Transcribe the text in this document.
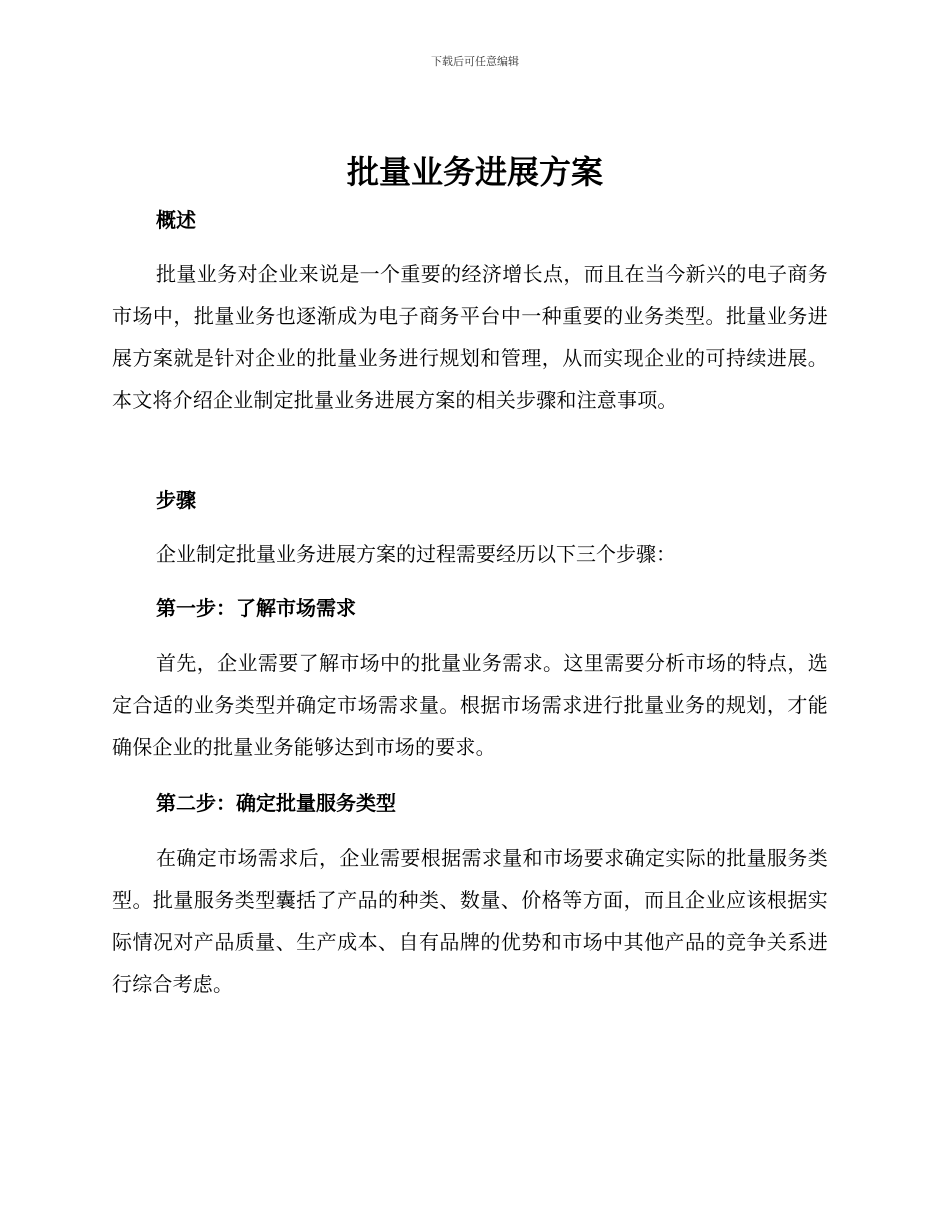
下载后可任意编辑
批量业务进展方案
概述

批量业务对企业来说是一个重要的经济增长点，而且在当今新兴的电子商务市场中，批量业务也逐渐成为电子商务平台中一种重要的业务类型。批量业务进展方案就是针对企业的批量业务进行规划和管理，从而实现企业的可持续进展。本文将介绍企业制定批量业务进展方案的相关步骤和注意事项。

步骤

企业制定批量业务进展方案的过程需要经历以下三个步骤：

第一步：了解市场需求

首先，企业需要了解市场中的批量业务需求。这里需要分析市场的特点，选定合适的业务类型并确定市场需求量。根据市场需求进行批量业务的规划，才能确保企业的批量业务能够达到市场的要求。

第二步：确定批量服务类型

在确定市场需求后，企业需要根据需求量和市场要求确定实际的批量服务类型。批量服务类型囊括了产品的种类、数量、价格等方面，而且企业应该根据实际情况对产品质量、生产成本、自有品牌的优势和市场中其他产品的竞争关系进行综合考虑。
